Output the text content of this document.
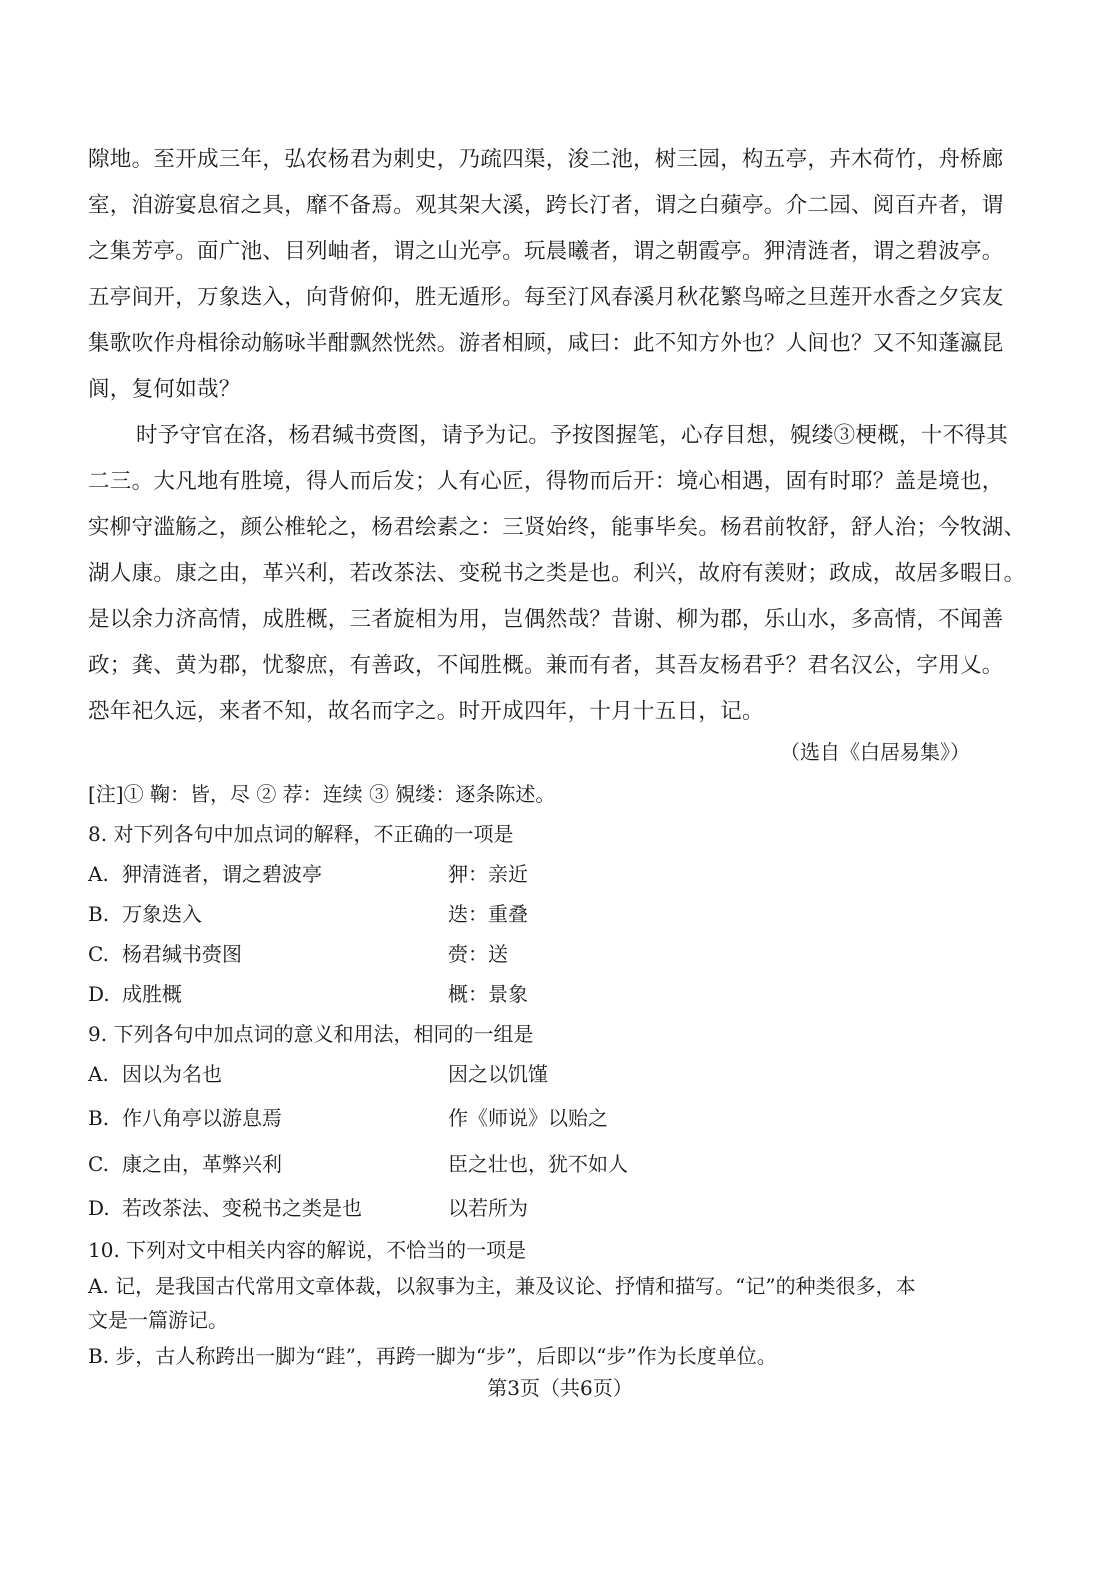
隙地。至开成三年，弘农杨君为刺史，乃疏四渠，浚二池，树三园，构五亭，卉木荷竹，舟桥廊
室，洎游宴息宿之具，靡不备焉。观其架大溪，跨长汀者，谓之白蘋亭。介二园、阅百卉者，谓
之集芳亭。面广池、目列岫者，谓之山光亭。玩晨曦者，谓之朝霞亭。狎清涟者，谓之碧波亭。
五亭间开，万象迭入，向背俯仰，胜无遁形。每至汀风春溪月秋花繁鸟啼之旦莲开水香之夕宾友
集歌吹作舟楫徐动觞咏半酣飘然恍然。游者相顾，咸曰：此不知方外也？人间也？又不知蓬瀛昆
阆，复何如哉？
时予守官在洛，杨君缄书赍图，请予为记。予按图握笔，心存目想，覙缕③梗概，十不得其
二三。大凡地有胜境，得人而后发；人有心匠，得物而后开：境心相遇，固有时耶？盖是境也，
实柳守滥觞之，颜公椎轮之，杨君绘素之：三贤始终，能事毕矣。杨君前牧舒，舒人治；今牧湖、
湖人康。康之由，革兴利，若改茶法、变税书之类是也。利兴，故府有羡财；政成，故居多暇日。
是以余力济高情，成胜概，三者旋相为用，岂偶然哉？昔谢、柳为郡，乐山水，多高情，不闻善
政；龚、黄为郡，忧黎庶，有善政，不闻胜概。兼而有者，其吾友杨君乎？君名汉公，字用乂。
恐年祀久远，来者不知，故名而字之。时开成四年，十月十五日，记。
（选自《白居易集》）
[注]① 鞠：皆，尽 ② 荐：连续 ③ 覙缕：逐条陈述。
8. 对下列各句中加点词的解释，不正确的一项是
A. 狎清涟者，谓之碧波亭	狎：亲近
B. 万象迭入	迭：重叠
C. 杨君缄书赍图	赍：送
D. 成胜概	概：景象
9. 下列各句中加点词的意义和用法，相同的一组是
A. 因以为名也	因之以饥馑
B. 作八角亭以游息焉	作《师说》以贻之
C. 康之由，革弊兴利	臣之壮也，犹不如人
D. 若改茶法、变税书之类是也	以若所为
10. 下列对文中相关内容的解说，不恰当的一项是
A. 记，是我国古代常用文章体裁，以叙事为主，兼及议论、抒情和描写。“记”的种类很多，本
文是一篇游记。
B. 步，古人称跨出一脚为“跬”，再跨一脚为“步”，后即以“步”作为长度单位。
第3页（共6页）
